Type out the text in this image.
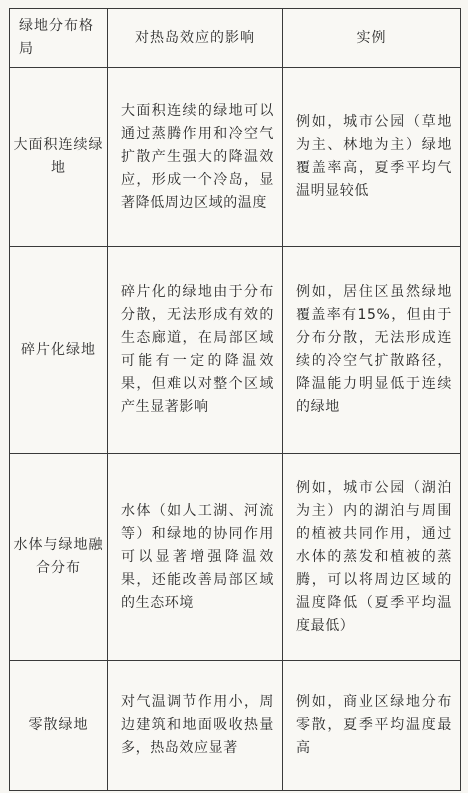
绿地分布格局	对热岛效应的影响	实例
大面积连续绿地	大面积连续的绿地可以通过蒸腾作用和冷空气扩散产生强大的降温效应，形成一个冷岛，显著降低周边区域的温度	例如，城市公园（草地为主、林地为主）绿地覆盖率高，夏季平均气温明显较低

碎片化绿地	碎片化的绿地由于分布分散，无法形成有效的生态廊道，在局部区域可能有一定的降温效果，但难以对整个区域产生显著影响	例如，居住区虽然绿地覆盖率有15%，但由于分布分散，无法形成连续的冷空气扩散路径，降温能力明显低于连续的绿地

水体与绿地融合分布	水体（如人工湖、河流等）和绿地的协同作用可以显著增强降温效果，还能改善局部区域的生态环境	例如，城市公园（湖泊为主）内的湖泊与周围的植被共同作用，通过水体的蒸发和植被的蒸腾，可以将周边区域的温度降低（夏季平均温度最低）

零散绿地	对气温调节作用小，周边建筑和地面吸收热量多，热岛效应显著	例如，商业区绿地分布零散，夏季平均温度最高
